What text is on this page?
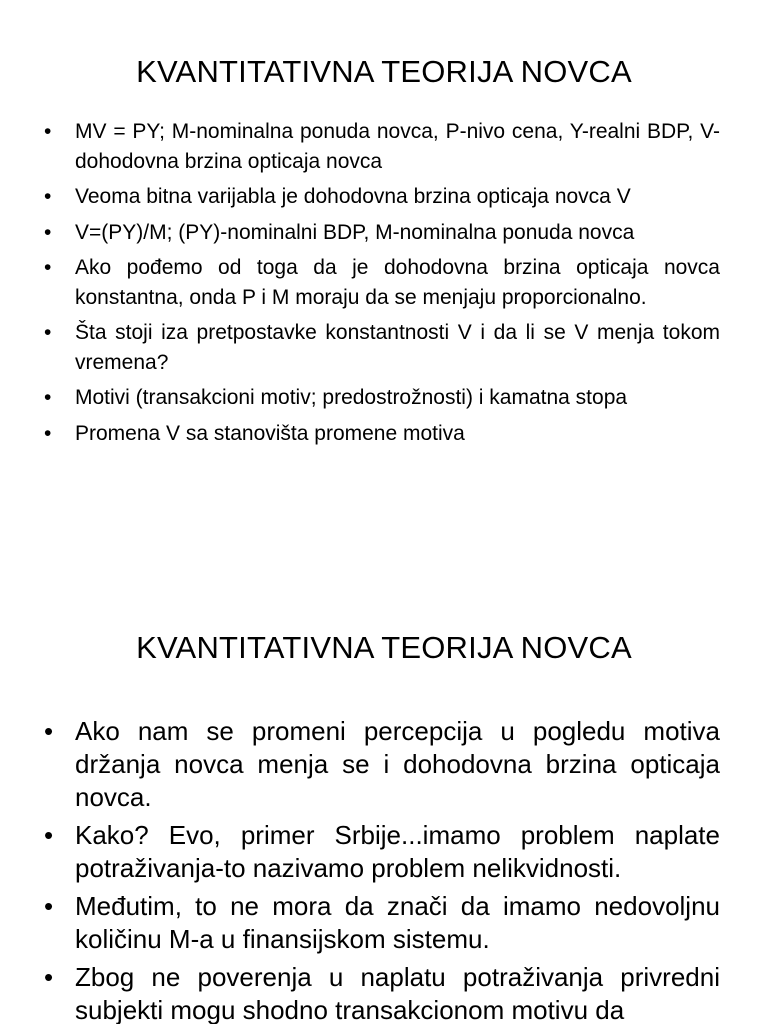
KVANTITATIVNA TEORIJA NOVCA
• MV = PY; M-nominalna ponuda novca, P-nivo cena, Y-realni BDP, V-dohodovna brzina opticaja novca
• Veoma bitna varijabla je dohodovna brzina opticaja novca V
• V=(PY)/M; (PY)-nominalni BDP, M-nominalna ponuda novca
• Ako pođemo od toga da je dohodovna brzina opticaja novca konstantna, onda P i M moraju da se menjaju proporcionalno.
• Šta stoji iza pretpostavke konstantnosti V i da li se V menja tokom vremena?
• Motivi (transakcioni motiv; predostrožnosti) i kamatna stopa
• Promena V sa stanovišta promene motiva
KVANTITATIVNA TEORIJA NOVCA
• Ako nam se promeni percepcija u pogledu motiva držanja novca menja se i dohodovna brzina opticaja novca.
• Kako? Evo, primer Srbije...imamo problem naplate potraživanja-to nazivamo problem nelikvidnosti.
• Međutim, to ne mora da znači da imamo nedovoljnu količinu M-a u finansijskom sistemu.
• Zbog ne poverenja u naplatu potraživanja privredni subjekti mogu shodno transakcionom motivu da
